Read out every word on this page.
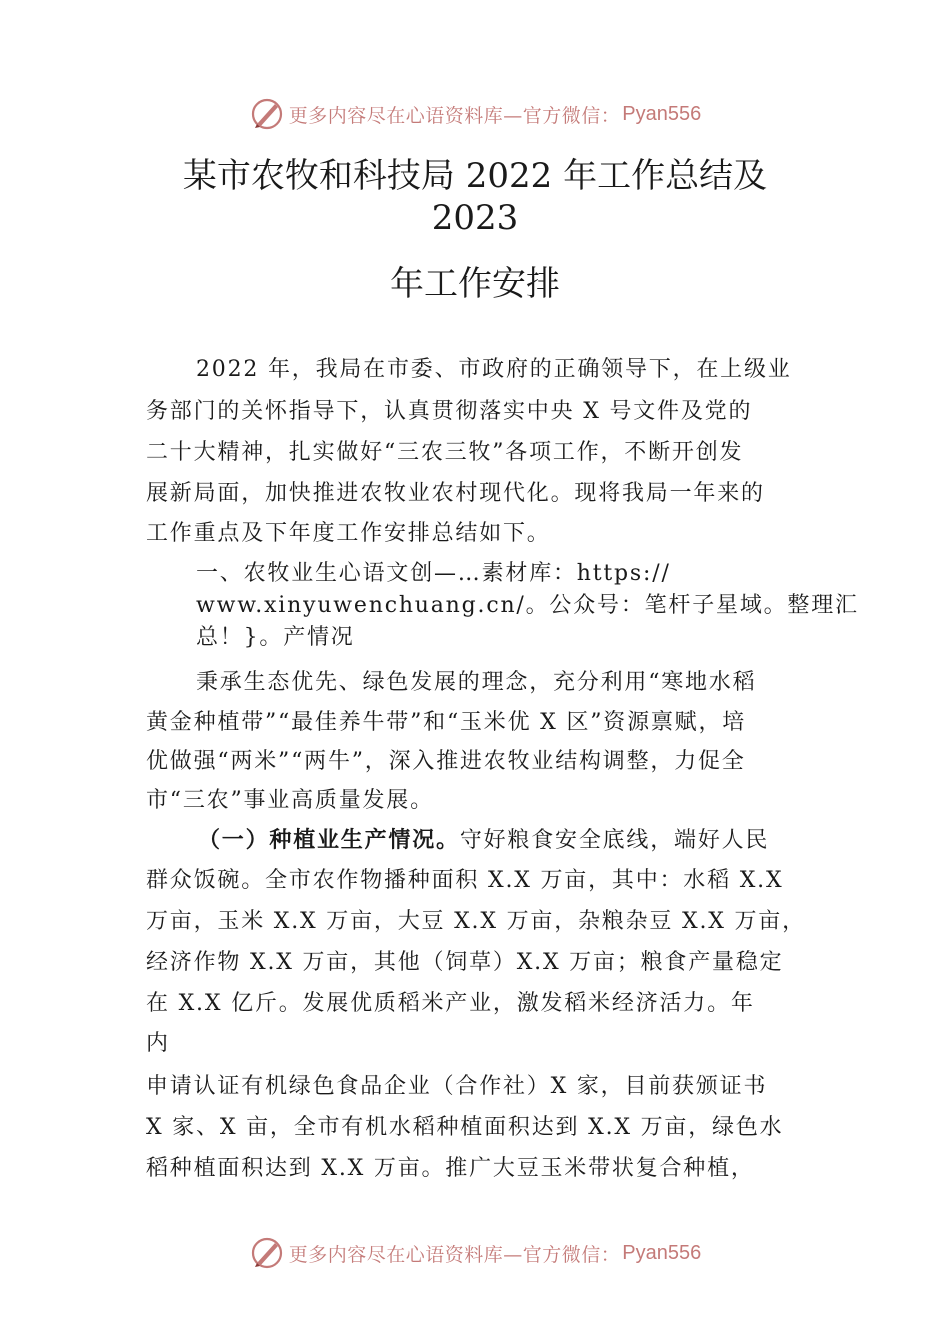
更多内容尽在心语资料库—官方微信： Pyan556
某市农牧和科技局 2022 年工作总结及
2023
年工作安排
2022 年，我局在市委、市政府的正确领导下，在上级业
务部门的关怀指导下，认真贯彻落实中央 X 号文件及党的
二十大精神，扎实做好“三农三牧”各项工作，不断开创发
展新局面，加快推进农牧业农村现代化。现将我局一年来的
工作重点及下年度工作安排总结如下。
一、农牧业生心语文创—…素材库：https://
www.xinyuwenchuang.cn/。公众号：笔杆子星域。整理汇
总！}。产情况
秉承生态优先、绿色发展的理念，充分利用“寒地水稻
黄金种植带”“最佳养牛带”和“玉米优 X 区”资源禀赋，培
优做强“两米”“两牛”，深入推进农牧业结构调整，力促全
市“三农”事业高质量发展。
（一）种植业生产情况。守好粮食安全底线，端好人民
群众饭碗。全市农作物播种面积 X.X 万亩，其中：水稻 X.X
万亩，玉米 X.X 万亩，大豆 X.X 万亩，杂粮杂豆 X.X 万亩，
经济作物 X.X 万亩，其他（饲草）X.X 万亩；粮食产量稳定
在 X.X 亿斤。发展优质稻米产业，激发稻米经济活力。年
内
申请认证有机绿色食品企业（合作社）X 家，目前获颁证书
X 家、X 亩，全市有机水稻种植面积达到 X.X 万亩，绿色水
稻种植面积达到 X.X 万亩。推广大豆玉米带状复合种植，
更多内容尽在心语资料库—官方微信： Pyan556
